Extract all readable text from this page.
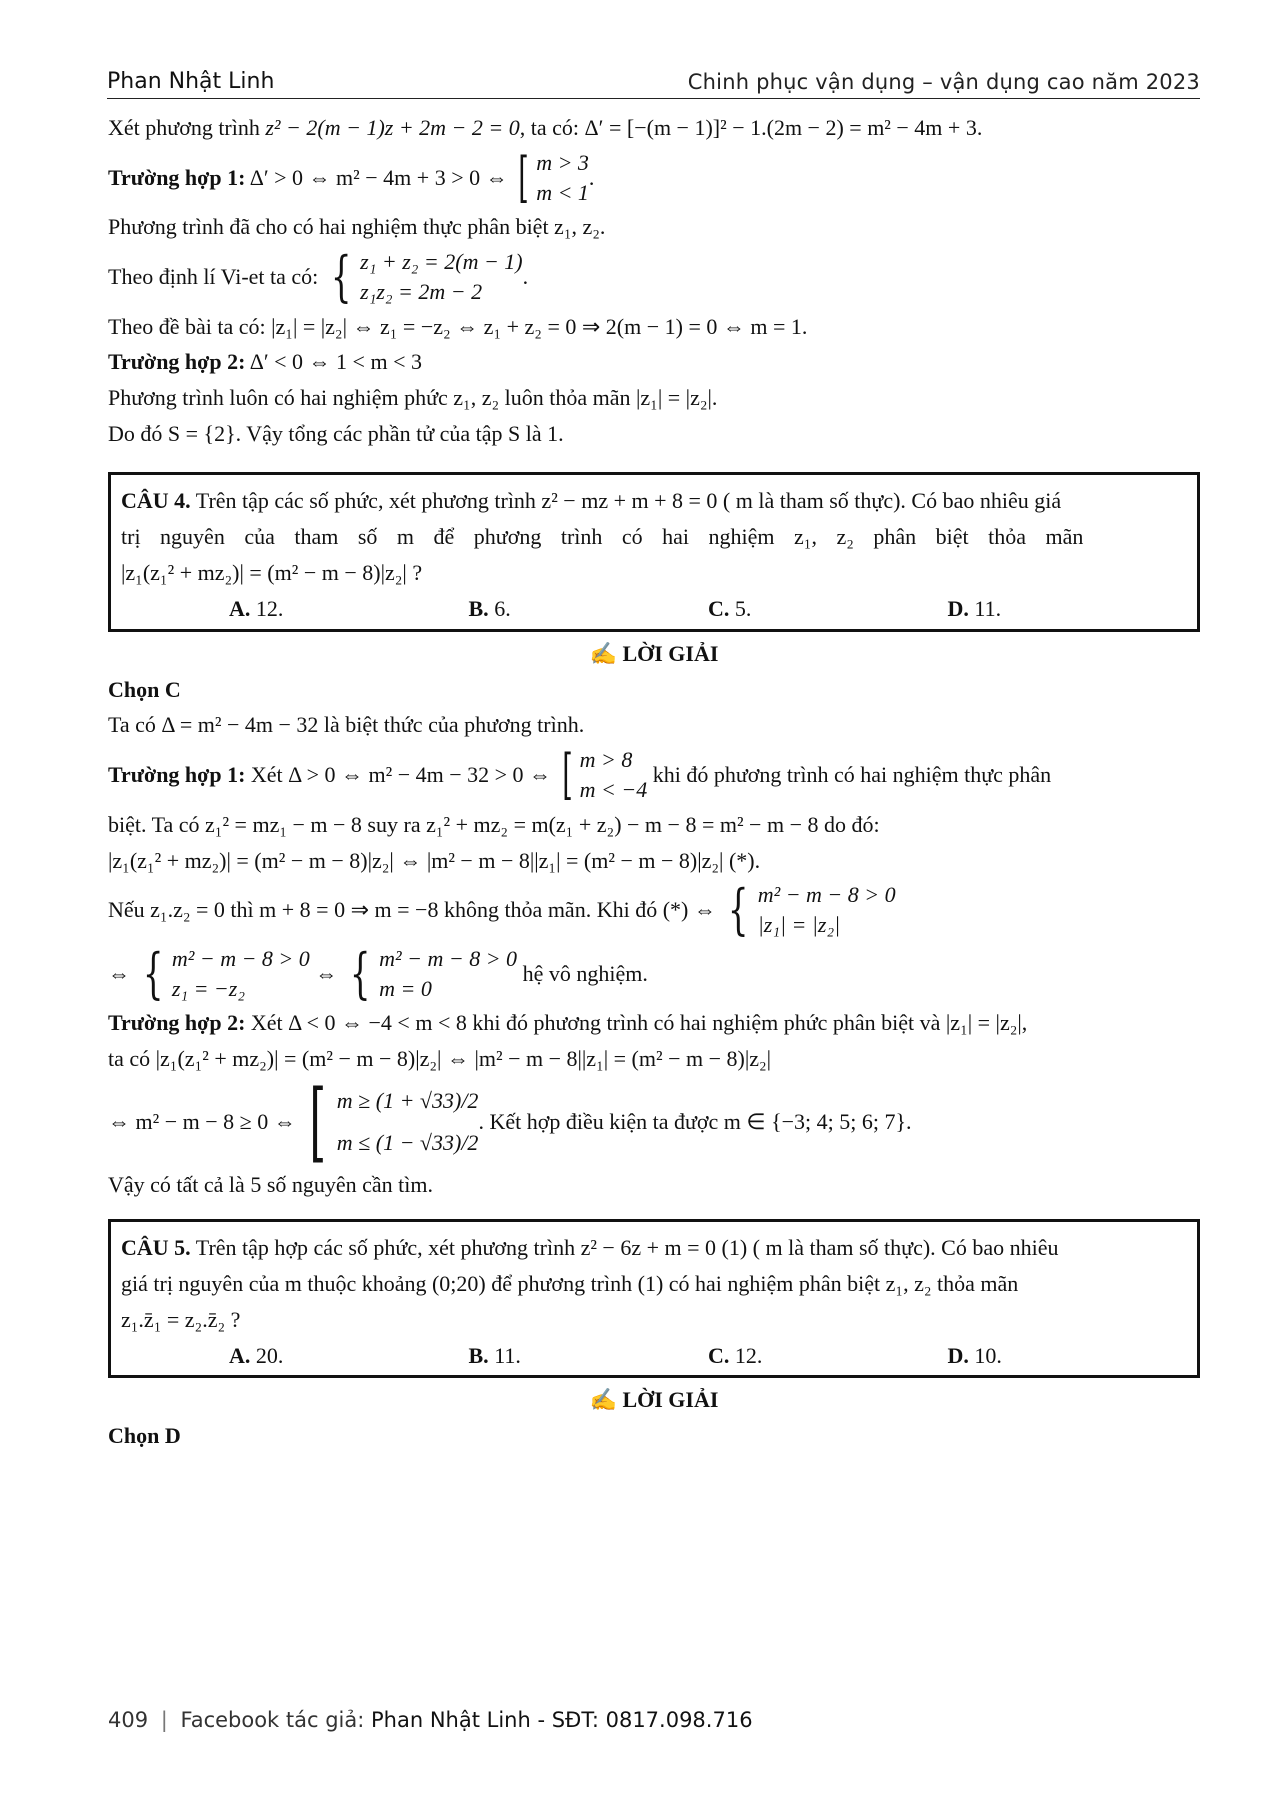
Phan Nhật Linh	Chinh phục vận dụng – vận dụng cao năm 2023
Xét phương trình z² − 2(m − 1)z + 2m − 2 = 0 , ta có: Δ′ = [−(m − 1)]² − 1.(2m − 2) = m² − 4m + 3.
Trường hợp 1: Δ′ > 0 ⇔ m² − 4m + 3 > 0 ⇔ [ m > 3
m < 1
.
Phương trình đã cho có hai nghiệm thực phân biệt z₁, z₂.
Theo định lí Vi-et ta có: { z₁ + z₂ = 2(m − 1)
z₁z₂ = 2m − 2
.
Theo đề bài ta có: |z₁| = |z₂| ⇔ z₁ = −z₂ ⇔ z₁ + z₂ = 0 ⇒ 2(m − 1) = 0 ⇔ m = 1.
Trường hợp 2: Δ′ < 0 ⇔ 1 < m < 3
Phương trình luôn có hai nghiệm phức z₁, z₂ luôn thỏa mãn |z₁| = |z₂|.
Do đó S = {2}. Vậy tổng các phần tử của tập S là 1.
CÂU 4. Trên tập các số phức, xét phương trình z² − mz + m + 8 = 0 ( m là tham số thực). Có bao nhiêu giá
trị nguyên của tham số m để phương trình có hai nghiệm z₁, z₂ phân biệt thỏa mãn
|z₁(z₁² + mz₂)| = (m² − m − 8)|z₂| ?
A. 12.	B. 6.	C. 5.	D. 11.
✍ LỜI GIẢI
Chọn C
Ta có Δ = m² − 4m − 32 là biệt thức của phương trình.
Trường hợp 1: Xét Δ > 0 ⇔ m² − 4m − 32 > 0 ⇔ [ m > 8
m < −4
khi đó phương trình có hai nghiệm thực phân
biệt. Ta có z₁² = mz₁ − m − 8 suy ra z₁² + mz₂ = m(z₁ + z₂) − m − 8 = m² − m − 8 do đó:
|z₁(z₁² + mz₂)| = (m² − m − 8)|z₂| ⇔ |m² − m − 8||z₁| = (m² − m − 8)|z₂| (*).
Nếu z₁.z₂ = 0 thì m + 8 = 0 ⇒ m = −8 không thỏa mãn. Khi đó (*) ⇔ { m² − m − 8 > 0
|z₁| = |z₂|
⇔ { m² − m − 8 > 0
z₁ = −z₂
⇔ { m² − m − 8 > 0
m = 0
hệ vô nghiệm.
Trường hợp 2: Xét Δ < 0 ⇔ −4 < m < 8 khi đó phương trình có hai nghiệm phức phân biệt và |z₁| = |z₂|,
ta có |z₁(z₁² + mz₂)| = (m² − m − 8)|z₂| ⇔ |m² − m − 8||z₁| = (m² − m − 8)|z₂|
⇔ m² − m − 8 ≥ 0 ⇔ [ m ≥ (1 + √33)/2
m ≤ (1 − √33)/2
. Kết hợp điều kiện ta được m ∈ {−3; 4; 5; 6; 7}.
Vậy có tất cả là 5 số nguyên cần tìm.
CÂU 5. Trên tập hợp các số phức, xét phương trình z² − 6z + m = 0 (1) ( m là tham số thực). Có bao nhiêu
giá trị nguyên của m thuộc khoảng (0;20) để phương trình (1) có hai nghiệm phân biệt z₁, z₂ thỏa mãn
z₁.z̄₁ = z₂.z̄₂ ?
A. 20.	B. 11.	C. 12.	D. 10.
✍ LỜI GIẢI
Chọn D
409 | Facebook tác giả: Phan Nhật Linh - SĐT: 0817.098.716
